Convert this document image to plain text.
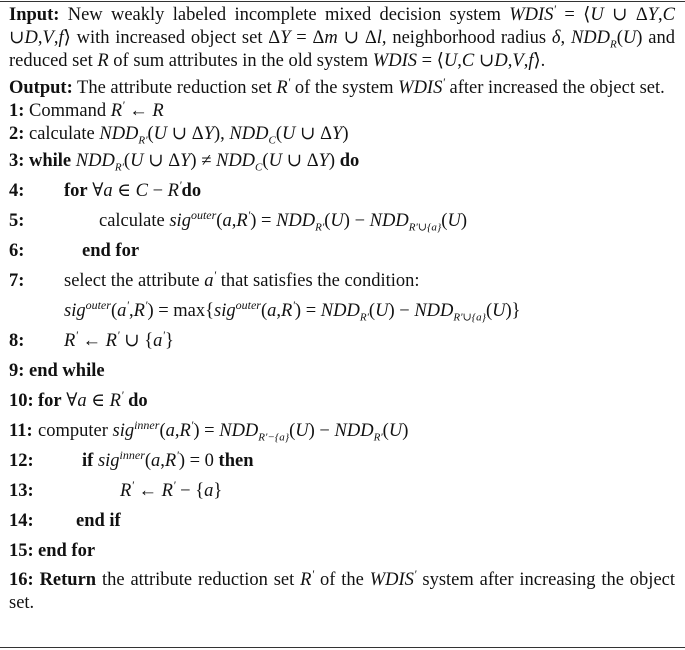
Input: New weakly labeled incomplete mixed decision system WDIS' = ⟨U ∪ ΔY,C ∪D,V,f⟩ with increased object set ΔY = Δm ∪ Δl, neighborhood radius δ, $NDD_R(U)$ and reduced set R of sum attributes in the old system WDIS = ⟨U,C ∪D,V,f⟩.
Output: The attribute reduction set R' of the system WDIS' after increased the object set.
1: Command R' ← R
2: calculate $NDD_{R'}(U$ ∪ ΔY), $NDD_C(U$ ∪ ΔY)
3: while $NDD_{R'}(U$ ∪ $\Delta Y) \ne NDD_C(U$ ∪ ΔY) do
4: for ∀a ∈ C − R'do
5:	calculate $sig^{outer}(a,R') = NDD_{R'}(U) - NDD_{R'\cup\{a\}}(U)$
6:	end for
7: select the attribute a' that satisfies the condition:
$sig^{outer}(a',R') = \max\{sig^{outer}(a,R') = NDD_{R'}(U) - NDD_{R'\cup\{a\}}(U)\}$
8: R' ← R' ∪ {a'}
9: end while
10: for ∀a ∈ R' do
11: computer $sig^{inner}(a,R') = NDD_{R'-\{a\}}(U) - NDD_{R'}(U)$
12:	if sig$^{inner}$(a,R') = 0 then
13:	R' ← R' − {a}
14: end if
15: end for
16: Return the attribute reduction set R' of the WDIS' system after increasing the object set.
